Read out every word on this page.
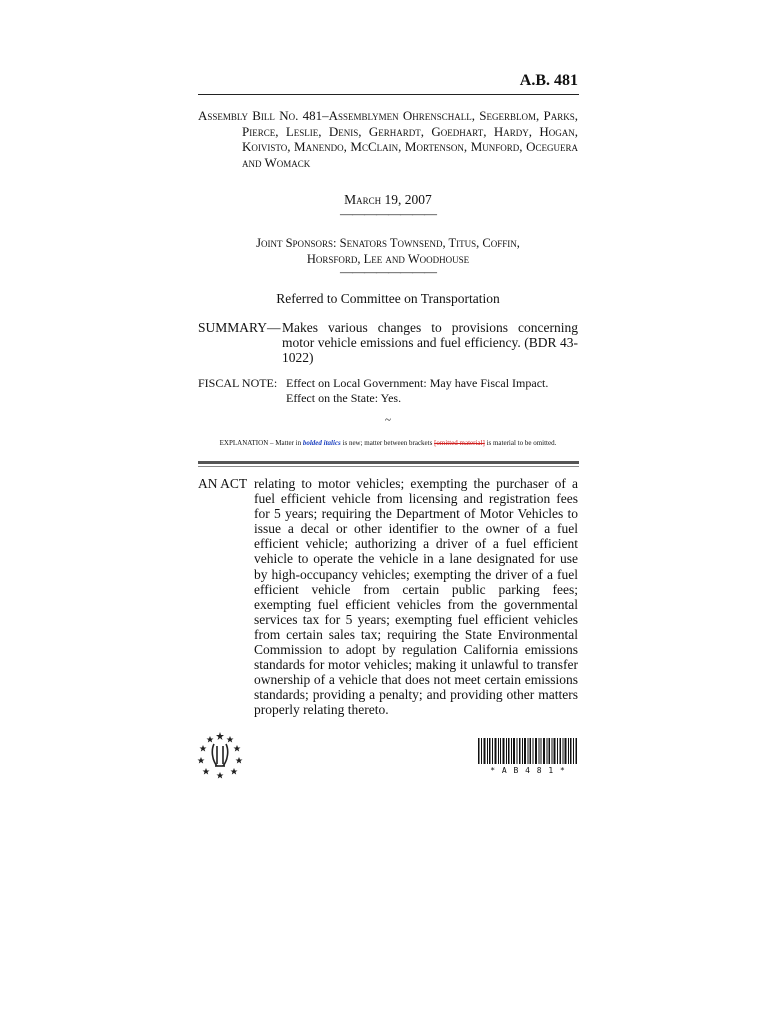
A.B. 481
Assembly Bill No. 481–Assemblymen Ohrenschall, Segerblom, Parks, Pierce, Leslie, Denis, Gerhardt, Goedhart, Hardy, Hogan, Koivisto, Manendo, McClain, Mortenson, Munford, Oceguera and Womack
March 19, 2007
————————
Joint Sponsors: Senators Townsend, Titus, Coffin,
Horsford, Lee and Woodhouse
————————
Referred to Committee on Transportation
SUMMARY— Makes various changes to provisions concerning motor vehicle emissions and fuel efficiency. (BDR 43-1022)
FISCAL NOTE: Effect on Local Government: May have Fiscal Impact.
Effect on the State: Yes.
~
EXPLANATION – Matter in bolded italics is new; matter between brackets [omitted material] is material to be omitted.
AN ACT relating to motor vehicles; exempting the purchaser of a fuel efficient vehicle from licensing and registration fees for 5 years; requiring the Department of Motor Vehicles to issue a decal or other identifier to the owner of a fuel efficient vehicle; authorizing a driver of a fuel efficient vehicle to operate the vehicle in a lane designated for use by high-occupancy vehicles; exempting the driver of a fuel efficient vehicle from certain public parking fees; exempting fuel efficient vehicles from the governmental services tax for 5 years; exempting fuel efficient vehicles from certain sales tax; requiring the State Environmental Commission to adopt by regulation California emissions standards for motor vehicles; making it unlawful to transfer ownership of a vehicle that does not meet certain emissions standards; providing a penalty; and providing other matters properly relating thereto.
* A B 4 8 1 *
